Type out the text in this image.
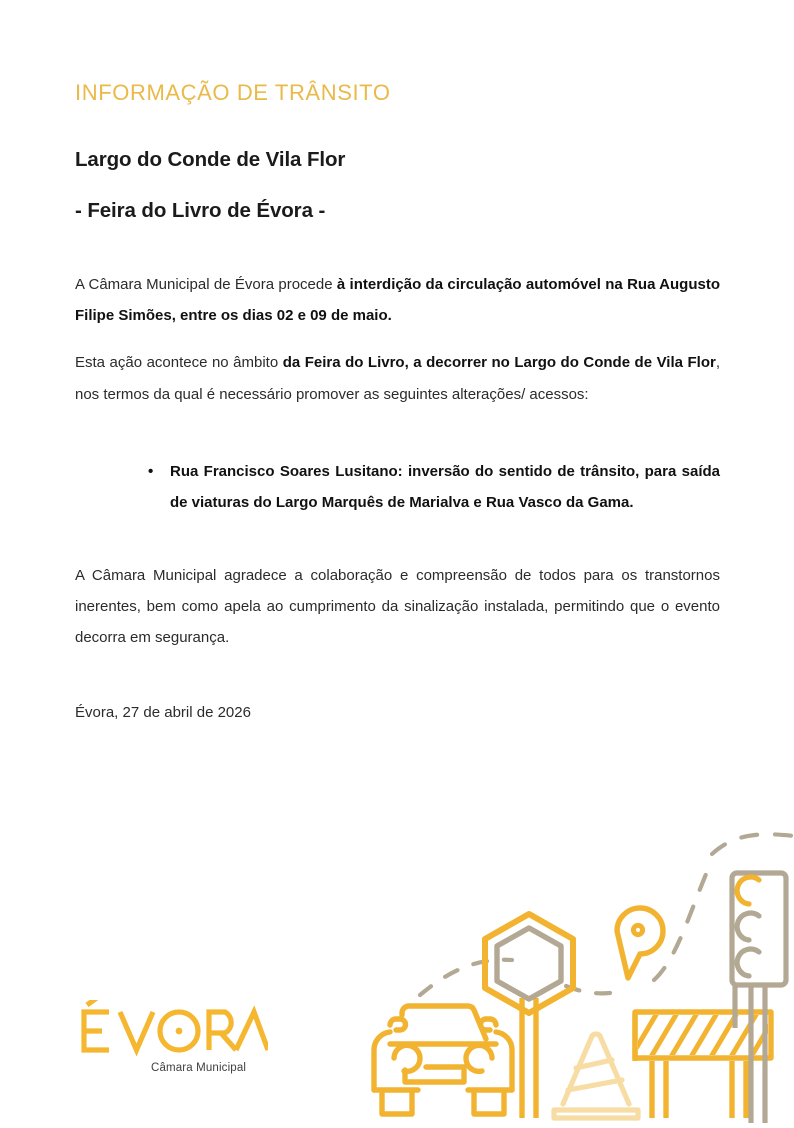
INFORMAÇÃO DE TRÂNSITO
Largo do Conde de Vila Flor
- Feira do Livro de Évora -

A Câmara Municipal de Évora procede à interdição da circulação automóvel na Rua Augusto Filipe Simões, entre os dias 02 e 09 de maio.

Esta ação acontece no âmbito da Feira do Livro, a decorrer no Largo do Conde de Vila Flor, nos termos da qual é necessário promover as seguintes alterações/ acessos:

• Rua Francisco Soares Lusitano: inversão do sentido de trânsito, para saída de viaturas do Largo Marquês de Marialva e Rua Vasco da Gama.

A Câmara Municipal agradece a colaboração e compreensão de todos para os transtornos inerentes, bem como apela ao cumprimento da sinalização instalada, permitindo que o evento decorra em segurança.

Évora, 27 de abril de 2026

Câmara Municipal
